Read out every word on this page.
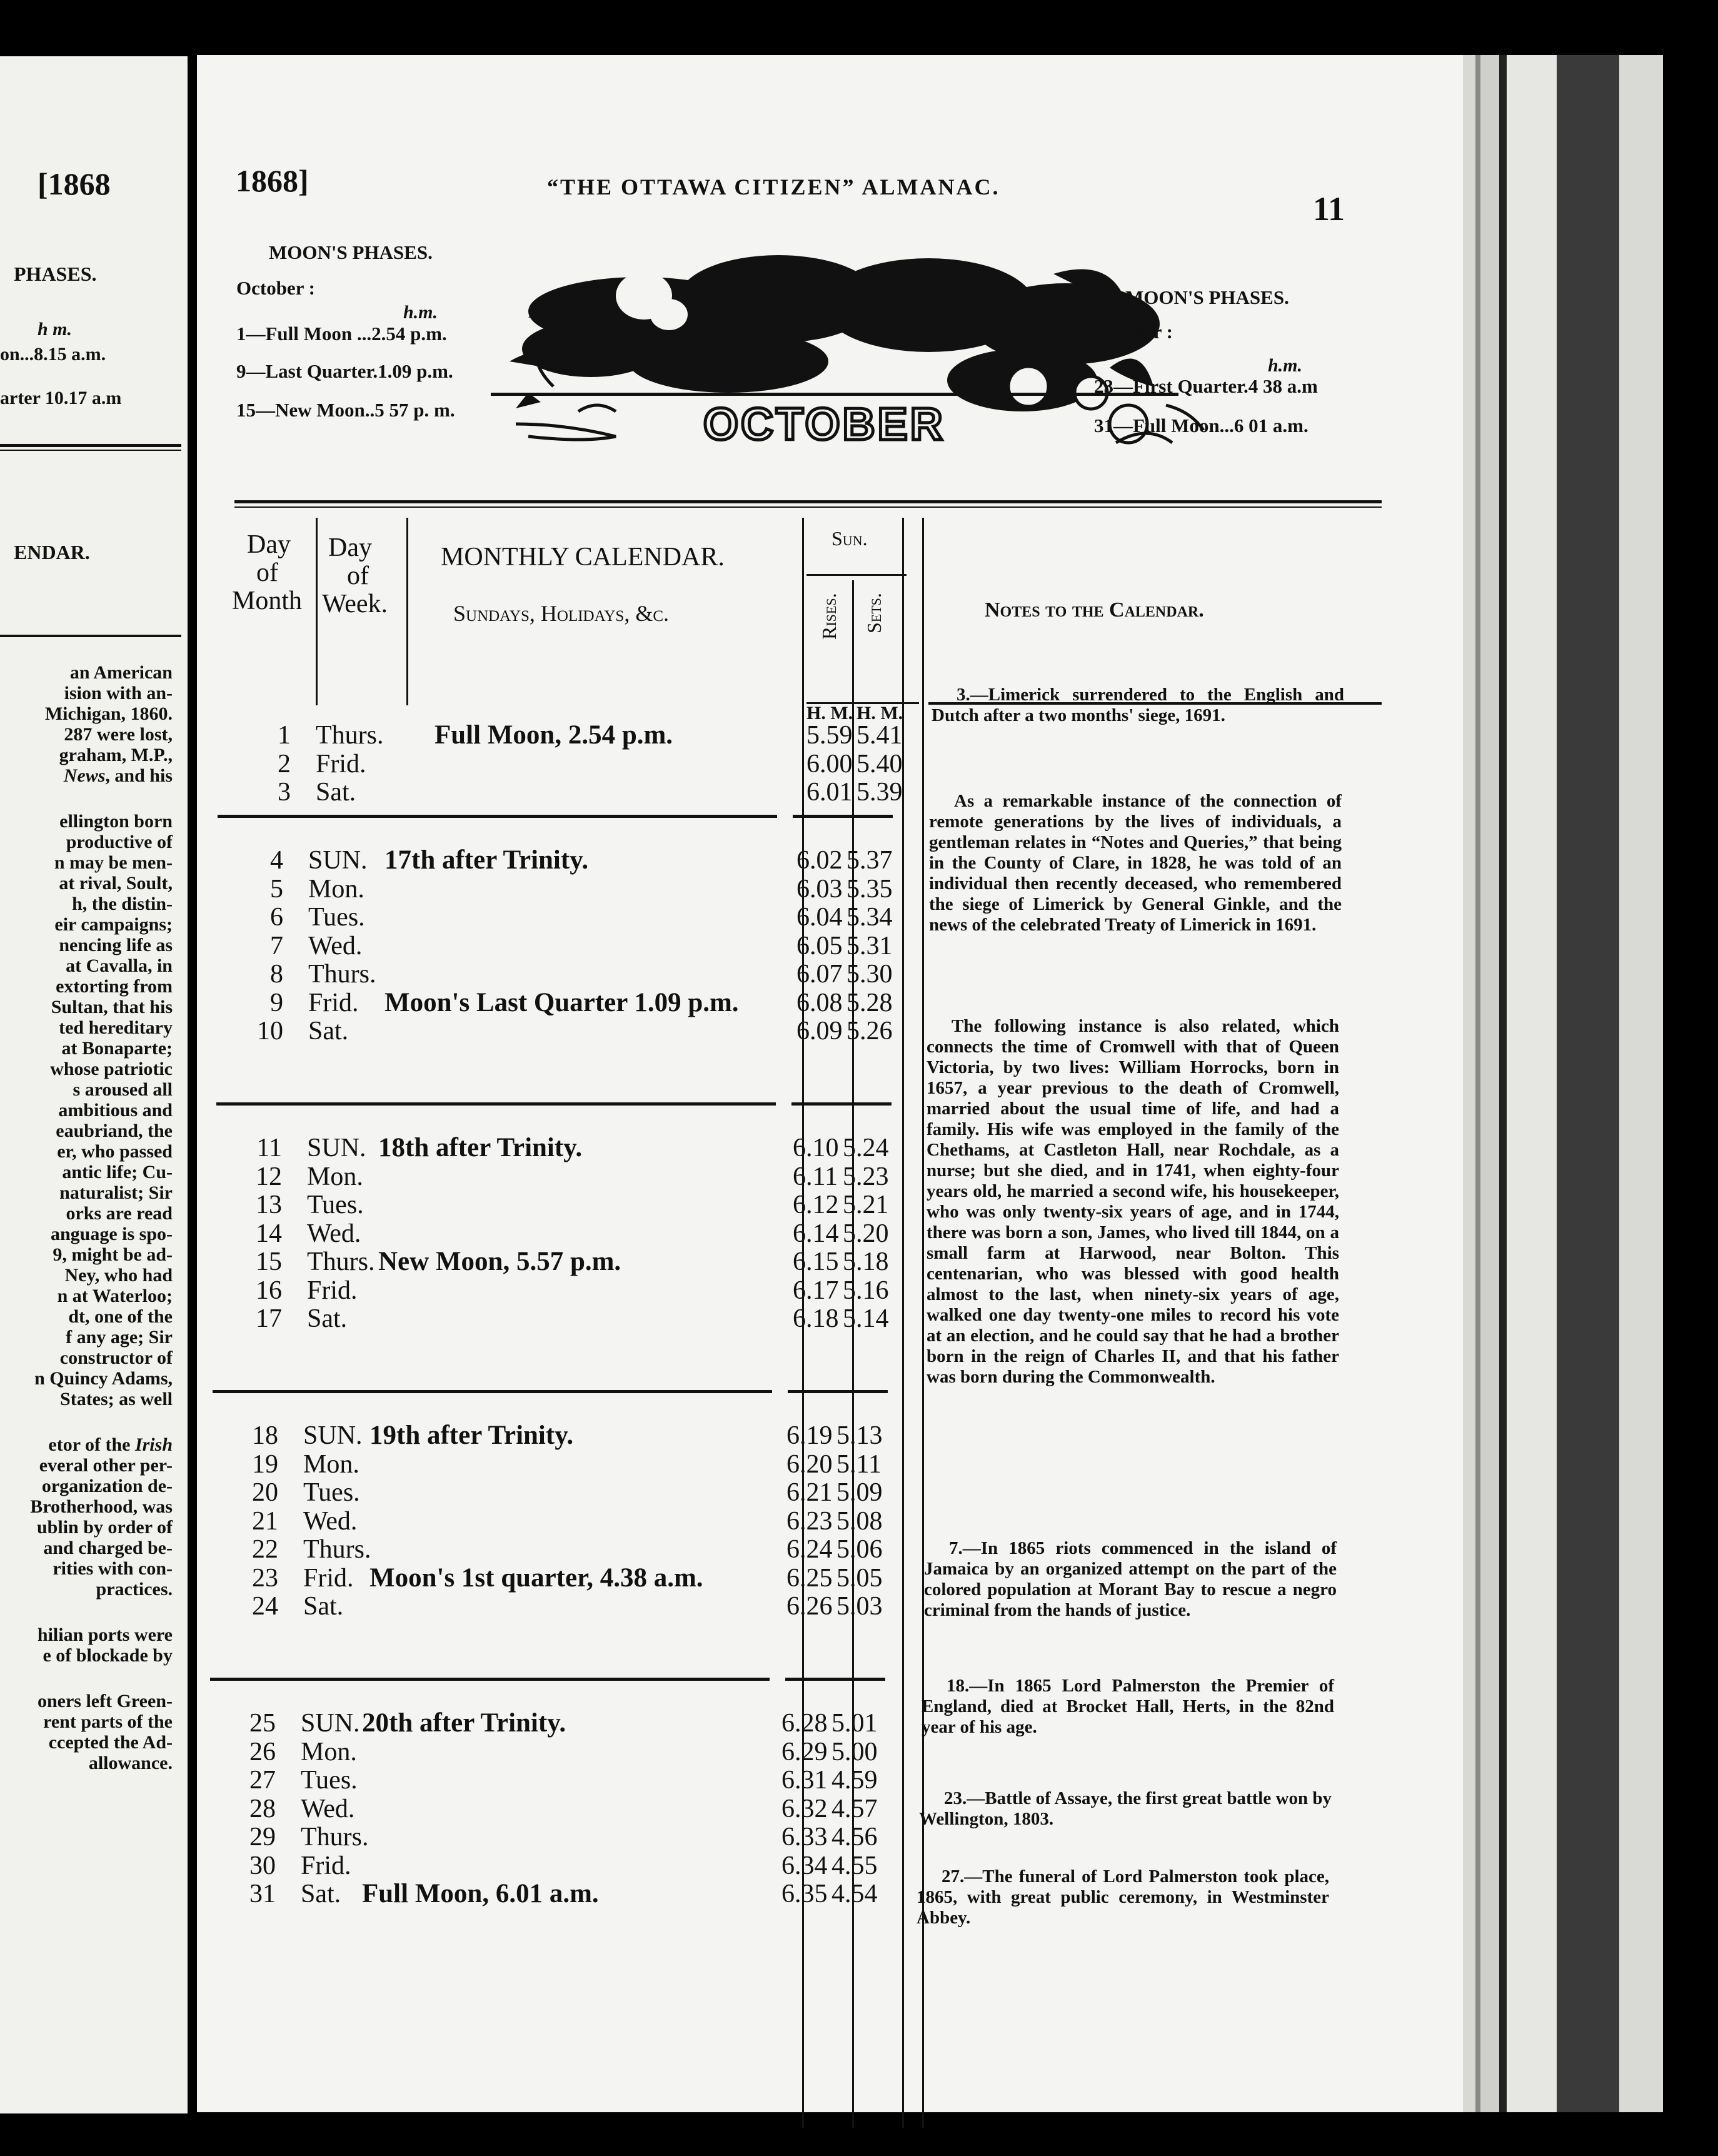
[1868
PHASES.
h m.
on...8.15 a.m.
arter 10.17 a.m
ENDAR.
an American
ision with an-
Michigan, 1860.
287 were lost,
graham, M.P.,
News, and his
ellington born
productive of
n may be men-
at rival, Soult,
h, the distin-
eir campaigns;
nencing life as
at Cavalla, in
extorting from
Sultan, that his
ted hereditary
at Bonaparte;
whose patriotic
s aroused all
ambitious and
eaubriand, the
er, who passed
antic life; Cu-
naturalist; Sir
orks are read
anguage is spo-
9, might be ad-
Ney, who had
n at Waterloo;
dt, one of the
f any age; Sir
constructor of
n Quincy Adams,
States; as well
etor of the Irish
everal other per-
organization de-
Brotherhood, was
ublin by order of
and charged be-
rities with con-
practices.
hilian ports were
e of blockade by
oners left Green-
rent parts of the
ccepted the Ad-
allowance.
1868]	“THE OTTAWA CITIZEN” ALMANAC.
11
MOON'S PHASES.
October :
h.m.
1—Full Moon ...2.54 p.m.
9—Last Quarter.1.09 p.m.
15—New Moon..5 57 p. m.	OCTOBER
MOON'S PHASES.
October :
h.m.
23—First Quarter.4 38 a.m
31—Full Moon...6 01 a.m.
Day
of
Month
Day
of
Week.
MONTHLY CALENDAR.
Sundays, Holidays, &c.
Sun.
Rises. Sets.	Notes to the Calendar.
H. M. H. M.
1 Thurs. Full Moon, 2.54 p.m.	5.59 5.41
2 Frid.	6.00 5.40
3 Sat.	6.01 5.39
4 SUN. 17th after Trinity.	6.02 5.37
5 Mon.	6.03 5.35
6 Tues.	6.04 5.34
7 Wed.	6.05 5.31
8 Thurs.	6.07 5.30
9 Frid. Moon's Last Quarter 1.09 p.m. 6.08 5.28
10 Sat.	6.09 5.26
11 SUN. 18th after Trinity.	6.10 5.24
12 Mon.	6.11 5.23
13 Tues.	6.12 5.21
14 Wed.	6.14 5.20
15 Thurs. New Moon, 5.57 p.m.	6.15 5.18
16 Frid.	6.17 5.16
17 Sat.	6.18 5.14
18 SUN. 19th after Trinity.	6.19 5.13
19 Mon.	6.20 5.11
20 Tues.	6.21 5.09
21 Wed.	6.23 5.08
22 Thurs.	6.24 5.06
23 Frid. Moon's 1st quarter, 4.38 a.m.	6.25 5.05
24 Sat.	6.26 5.03
25 SUN. 20th after Trinity.	6.28 5.01
26 Mon.	6.29 5.00
27 Tues.	6.31 4.59
28 Wed.	6.32 4.57
29 Thurs.	6.33 4.56
30 Frid.	6.34 4.55
31 Sat. Full Moon, 6.01 a.m.	6.35 4.54

3.—Limerick surrendered to the English and Dutch after a two months' siege, 1691.

As a remarkable instance of the connection of remote generations by the lives of individuals, a gentleman relates in “Notes and Queries,” that being in the County of Clare, in 1828, he was told of an individual then recently deceased, who remembered the siege of Limerick by General Ginkle, and the news of the celebrated Treaty of Limerick in 1691.

The following instance is also related, which connects the time of Cromwell with that of Queen Victoria, by two lives: William Horrocks, born in 1657, a year previous to the death of Cromwell, married about the usual time of life, and had a family. His wife was employed in the family of the Chethams, at Castleton Hall, near Rochdale, as a nurse; but she died, and in 1741, when eighty-four years old, he married a second wife, his housekeeper, who was only twenty-six years of age, and in 1744, there was born a son, James, who lived till 1844, on a small farm at Harwood, near Bolton. This centenarian, who was blessed with good health almost to the last, when ninety-six years of age, walked one day twenty-one miles to record his vote at an election, and he could say that he had a brother born in the reign of Charles II, and that his father was born during the Commonwealth.

7.—In 1865 riots commenced in the island of Jamaica by an organized attempt on the part of the colored population at Morant Bay to rescue a negro criminal from the hands of justice.

18.—In 1865 Lord Palmerston the Premier of England, died at Brocket Hall, Herts, in the 82nd year of his age.

23.—Battle of Assaye, the first great battle won by Wellington, 1803.

27.—The funeral of Lord Palmerston took place, 1865, with great public ceremony, in Westminster Abbey.
